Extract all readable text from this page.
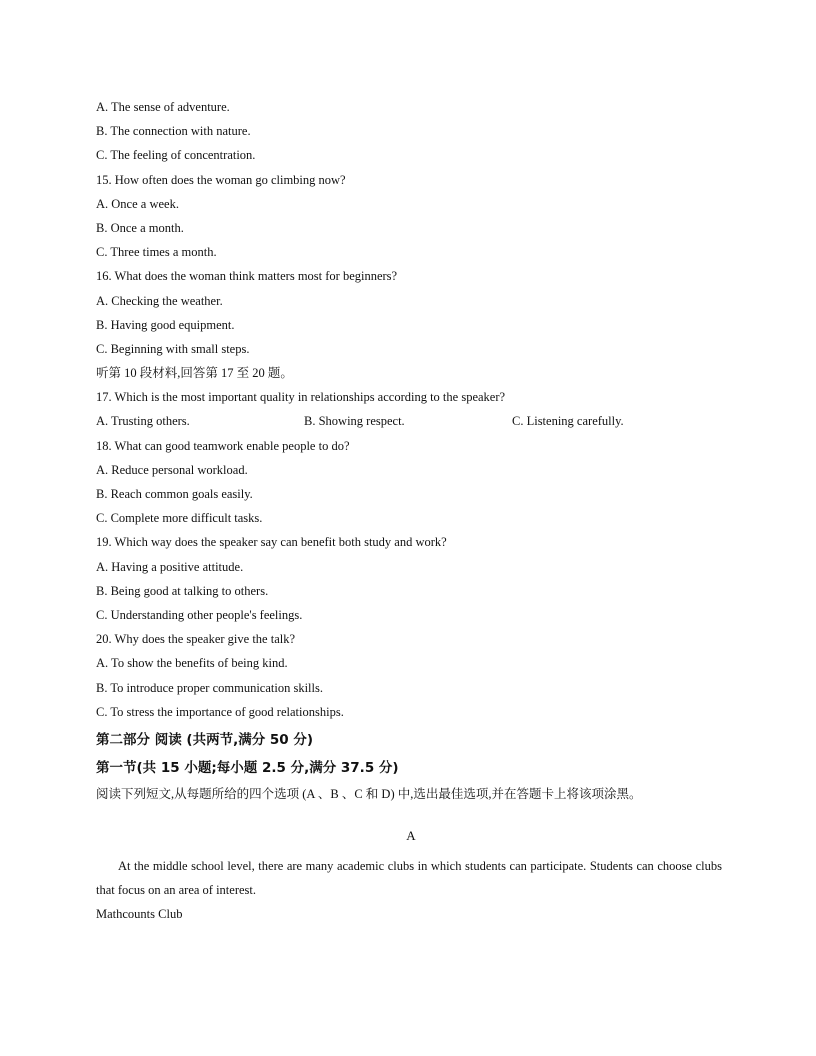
A. The sense of adventure.
B. The connection with nature.
C. The feeling of concentration.
15. How often does the woman go climbing now?
A. Once a week.
B. Once a month.
C. Three times a month.
16. What does the woman think matters most for beginners?
A. Checking the weather.
B. Having good equipment.
C. Beginning with small steps.
听第 10 段材料,回答第 17 至 20 题。
17. Which is the most important quality in relationships according to the speaker?
A. Trusting others.	B. Showing respect.	C. Listening carefully.
18. What can good teamwork enable people to do?
A. Reduce personal workload.
B. Reach common goals easily.
C. Complete more difficult tasks.
19. Which way does the speaker say can benefit both study and work?
A. Having a positive attitude.
B. Being good at talking to others.
C. Understanding other people's feelings.
20. Why does the speaker give the talk?
A. To show the benefits of being kind.
B. To introduce proper communication skills.
C. To stress the importance of good relationships.
第二部分 阅读 (共两节,满分 50 分)
第一节(共 15 小题;每小题 2.5 分,满分 37.5 分)
阅读下列短文,从每题所给的四个选项 (A 、B 、C 和 D) 中,选出最佳选项,并在答题卡上将该项涂黑。
A
At the middle school level, there are many academic clubs in which students can participate. Students can choose clubs that focus on an area of interest.
Mathcounts Club
